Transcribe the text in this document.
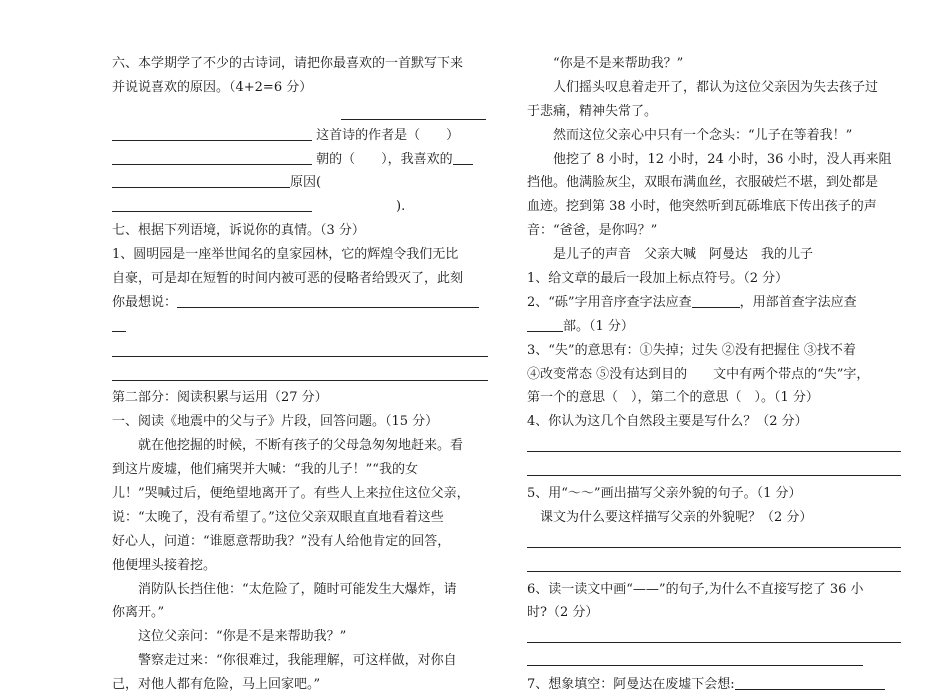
六、本学期学了不少的古诗词，请把你最喜欢的一首默写下来
并说说喜欢的原因。（4+2=6 分）
这首诗的作者是（　　）
朝的（　　），我喜欢的
原因(
).
七、根据下列语境，诉说你的真情。（3 分）
1、圆明园是一座举世闻名的皇家园林，它的辉煌令我们无比
自豪，可是却在短暂的时间内被可恶的侵略者给毁灭了，此刻
你最想说：
第二部分：阅读积累与运用（27 分）
一、阅读《地震中的父与子》片段，回答问题。（15 分）
就在他挖掘的时候，不断有孩子的父母急匆匆地赶来。看
到这片废墟，他们痛哭并大喊：“我的儿子！”“我的女
儿！”哭喊过后，便绝望地离开了。有些人上来拉住这位父亲，
说：“太晚了，没有希望了。”这位父亲双眼直直地看着这些
好心人，问道：“谁愿意帮助我？”没有人给他肯定的回答，
他便埋头接着挖。
消防队长挡住他：“太危险了，随时可能发生大爆炸，请
你离开。”
这位父亲问：“你是不是来帮助我？”
警察走过来：“你很难过，我能理解，可这样做，对你自
己，对他人都有危险，马上回家吧。”
“你是不是来帮助我？”
人们摇头叹息着走开了，都认为这位父亲因为失去孩子过
于悲痛，精神失常了。
然而这位父亲心中只有一个念头：“儿子在等着我！”
他挖了 8 小时，12 小时，24 小时，36 小时，没人再来阻
挡他。他满脸灰尘，双眼布满血丝，衣服破烂不堪，到处都是
血迹。挖到第 38 小时，他突然听到瓦砾堆底下传出孩子的声
音：“爸爸，是你吗？”
是儿子的声音　父亲大喊　阿曼达　我的儿子
1、给文章的最后一段加上标点符号。（2 分）
2、“砾”字用音序查字法应查	，用部首查字法应查
部。（1 分）
3、“失”的意思有：①失掉；过失 ②没有把握住 ③找不着
④改变常态 ⑤没有达到目的　　文中有两个带点的“失”字，
第一个的意思（　），第二个的意思（　）。（1 分）
4、你认为这几个自然段主要是写什么？（2 分）
5、用“～～”画出描写父亲外貌的句子。（1 分）
课文为什么要这样描写父亲的外貌呢？（2 分）
6、读一读文中画“——”的句子,为什么不直接写挖了 36 小
时?（2 分）
7、想象填空：阿曼达在废墟下会想:
